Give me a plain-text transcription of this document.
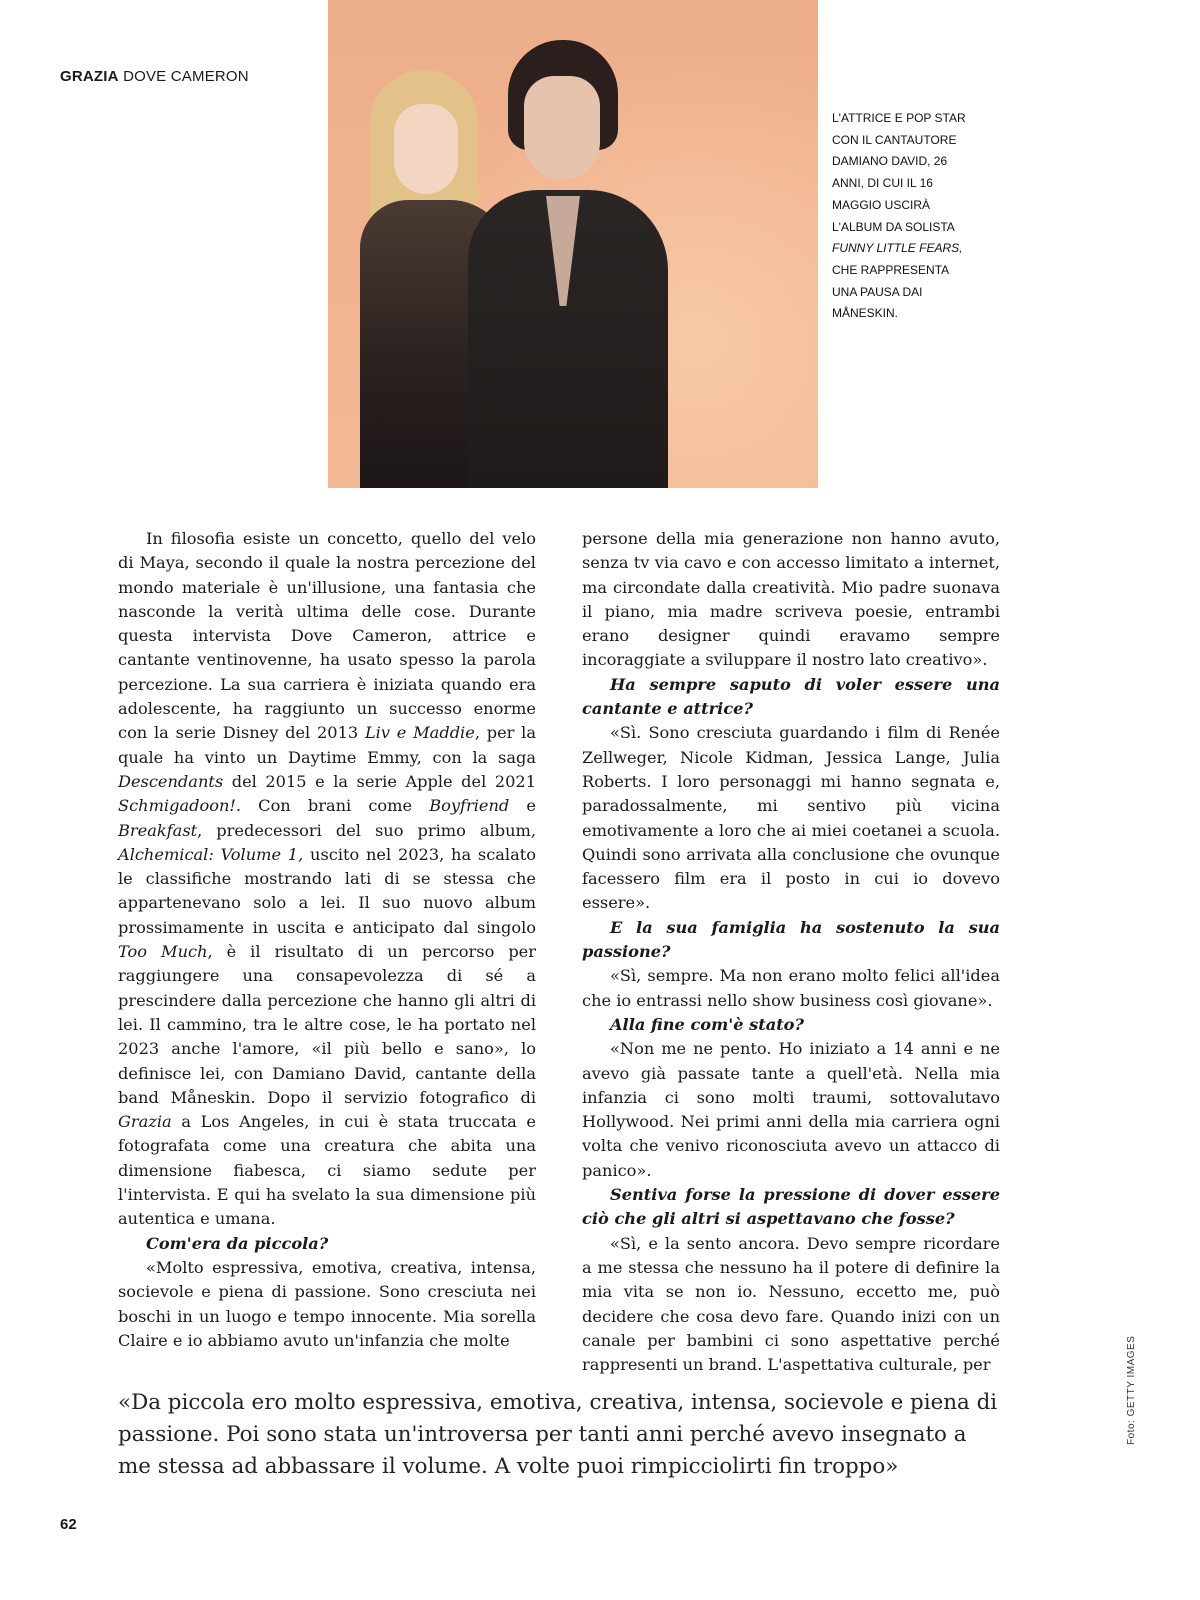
GRAZIA DOVE CAMERON
L'ATTRICE E POP STAR CON IL CANTAUTORE DAMIANO DAVID, 26 ANNI, DI CUI IL 16 MAGGIO USCIRÀ L'ALBUM DA SOLISTA FUNNY LITTLE FEARS, CHE RAPPRESENTA UNA PAUSA DAI MÅNESKIN.

In filosofia esiste un concetto, quello del velo di Maya, secondo il quale la nostra percezione del mondo materiale è un'illusione, una fantasia che nasconde la verità ultima delle cose. Durante questa intervista Dove Cameron, attrice e cantante ventinovenne, ha usato spesso la parola percezione. La sua carriera è iniziata quando era adolescente, ha raggiunto un successo enorme con la serie Disney del 2013 Liv e Maddie, per la quale ha vinto un Daytime Emmy, con la saga Descendants del 2015 e la serie Apple del 2021 Schmigadoon!. Con brani come Boyfriend e Breakfast, predecessori del suo primo album, Alchemical: Volume 1, uscito nel 2023, ha scalato le classifiche mostrando lati di se stessa che appartenevano solo a lei. Il suo nuovo album prossimamente in uscita e anticipato dal singolo Too Much, è il risultato di un percorso per raggiungere una consapevolezza di sé a prescindere dalla percezione che hanno gli altri di lei. Il cammino, tra le altre cose, le ha portato nel 2023 anche l'amore, «il più bello e sano», lo definisce lei, con Damiano David, cantante della band Måneskin. Dopo il servizio fotografico di Grazia a Los Angeles, in cui è stata truccata e fotografata come una creatura che abita una dimensione fiabesca, ci siamo sedute per l'intervista. E qui ha svelato la sua dimensione più autentica e umana.

Com'era da piccola?

«Molto espressiva, emotiva, creativa, intensa, socievole e piena di passione. Sono cresciuta nei boschi in un luogo e tempo innocente. Mia sorella Claire e io abbiamo avuto un'infanzia che molte

persone della mia generazione non hanno avuto, senza tv via cavo e con accesso limitato a internet, ma circondate dalla creatività. Mio padre suonava il piano, mia madre scriveva poesie, entrambi erano designer quindi eravamo sempre incoraggiate a sviluppare il nostro lato creativo».

Ha sempre saputo di voler essere una cantante e attrice?

«Sì. Sono cresciuta guardando i film di Renée Zellweger, Nicole Kidman, Jessica Lange, Julia Roberts. I loro personaggi mi hanno segnata e, paradossalmente, mi sentivo più vicina emotivamente a loro che ai miei coetanei a scuola. Quindi sono arrivata alla conclusione che ovunque facessero film era il posto in cui io dovevo essere».

E la sua famiglia ha sostenuto la sua passione?

«Sì, sempre. Ma non erano molto felici all'idea che io entrassi nello show business così giovane».

Alla fine com'è stato?

«Non me ne pento. Ho iniziato a 14 anni e ne avevo già passate tante a quell'età. Nella mia infanzia ci sono molti traumi, sottovalutavo Hollywood. Nei primi anni della mia carriera ogni volta che venivo riconosciuta avevo un attacco di panico».

Sentiva forse la pressione di dover essere ciò che gli altri si aspettavano che fosse?

«Sì, e la sento ancora. Devo sempre ricordare a me stessa che nessuno ha il potere di definire la mia vita se non io. Nessuno, eccetto me, può decidere che cosa devo fare. Quando inizi con un canale per bambini ci sono aspettative perché rappresenti un brand. L'aspettativa culturale, per

«Da piccola ero molto espressiva, emotiva, creativa, intensa, socievole e piena di passione. Poi sono stata un'introversa per tanti anni perché avevo insegnato a me stessa ad abbassare il volume. A volte puoi rimpicciolirti fin troppo»
Foto: GETTY IMAGES
62
